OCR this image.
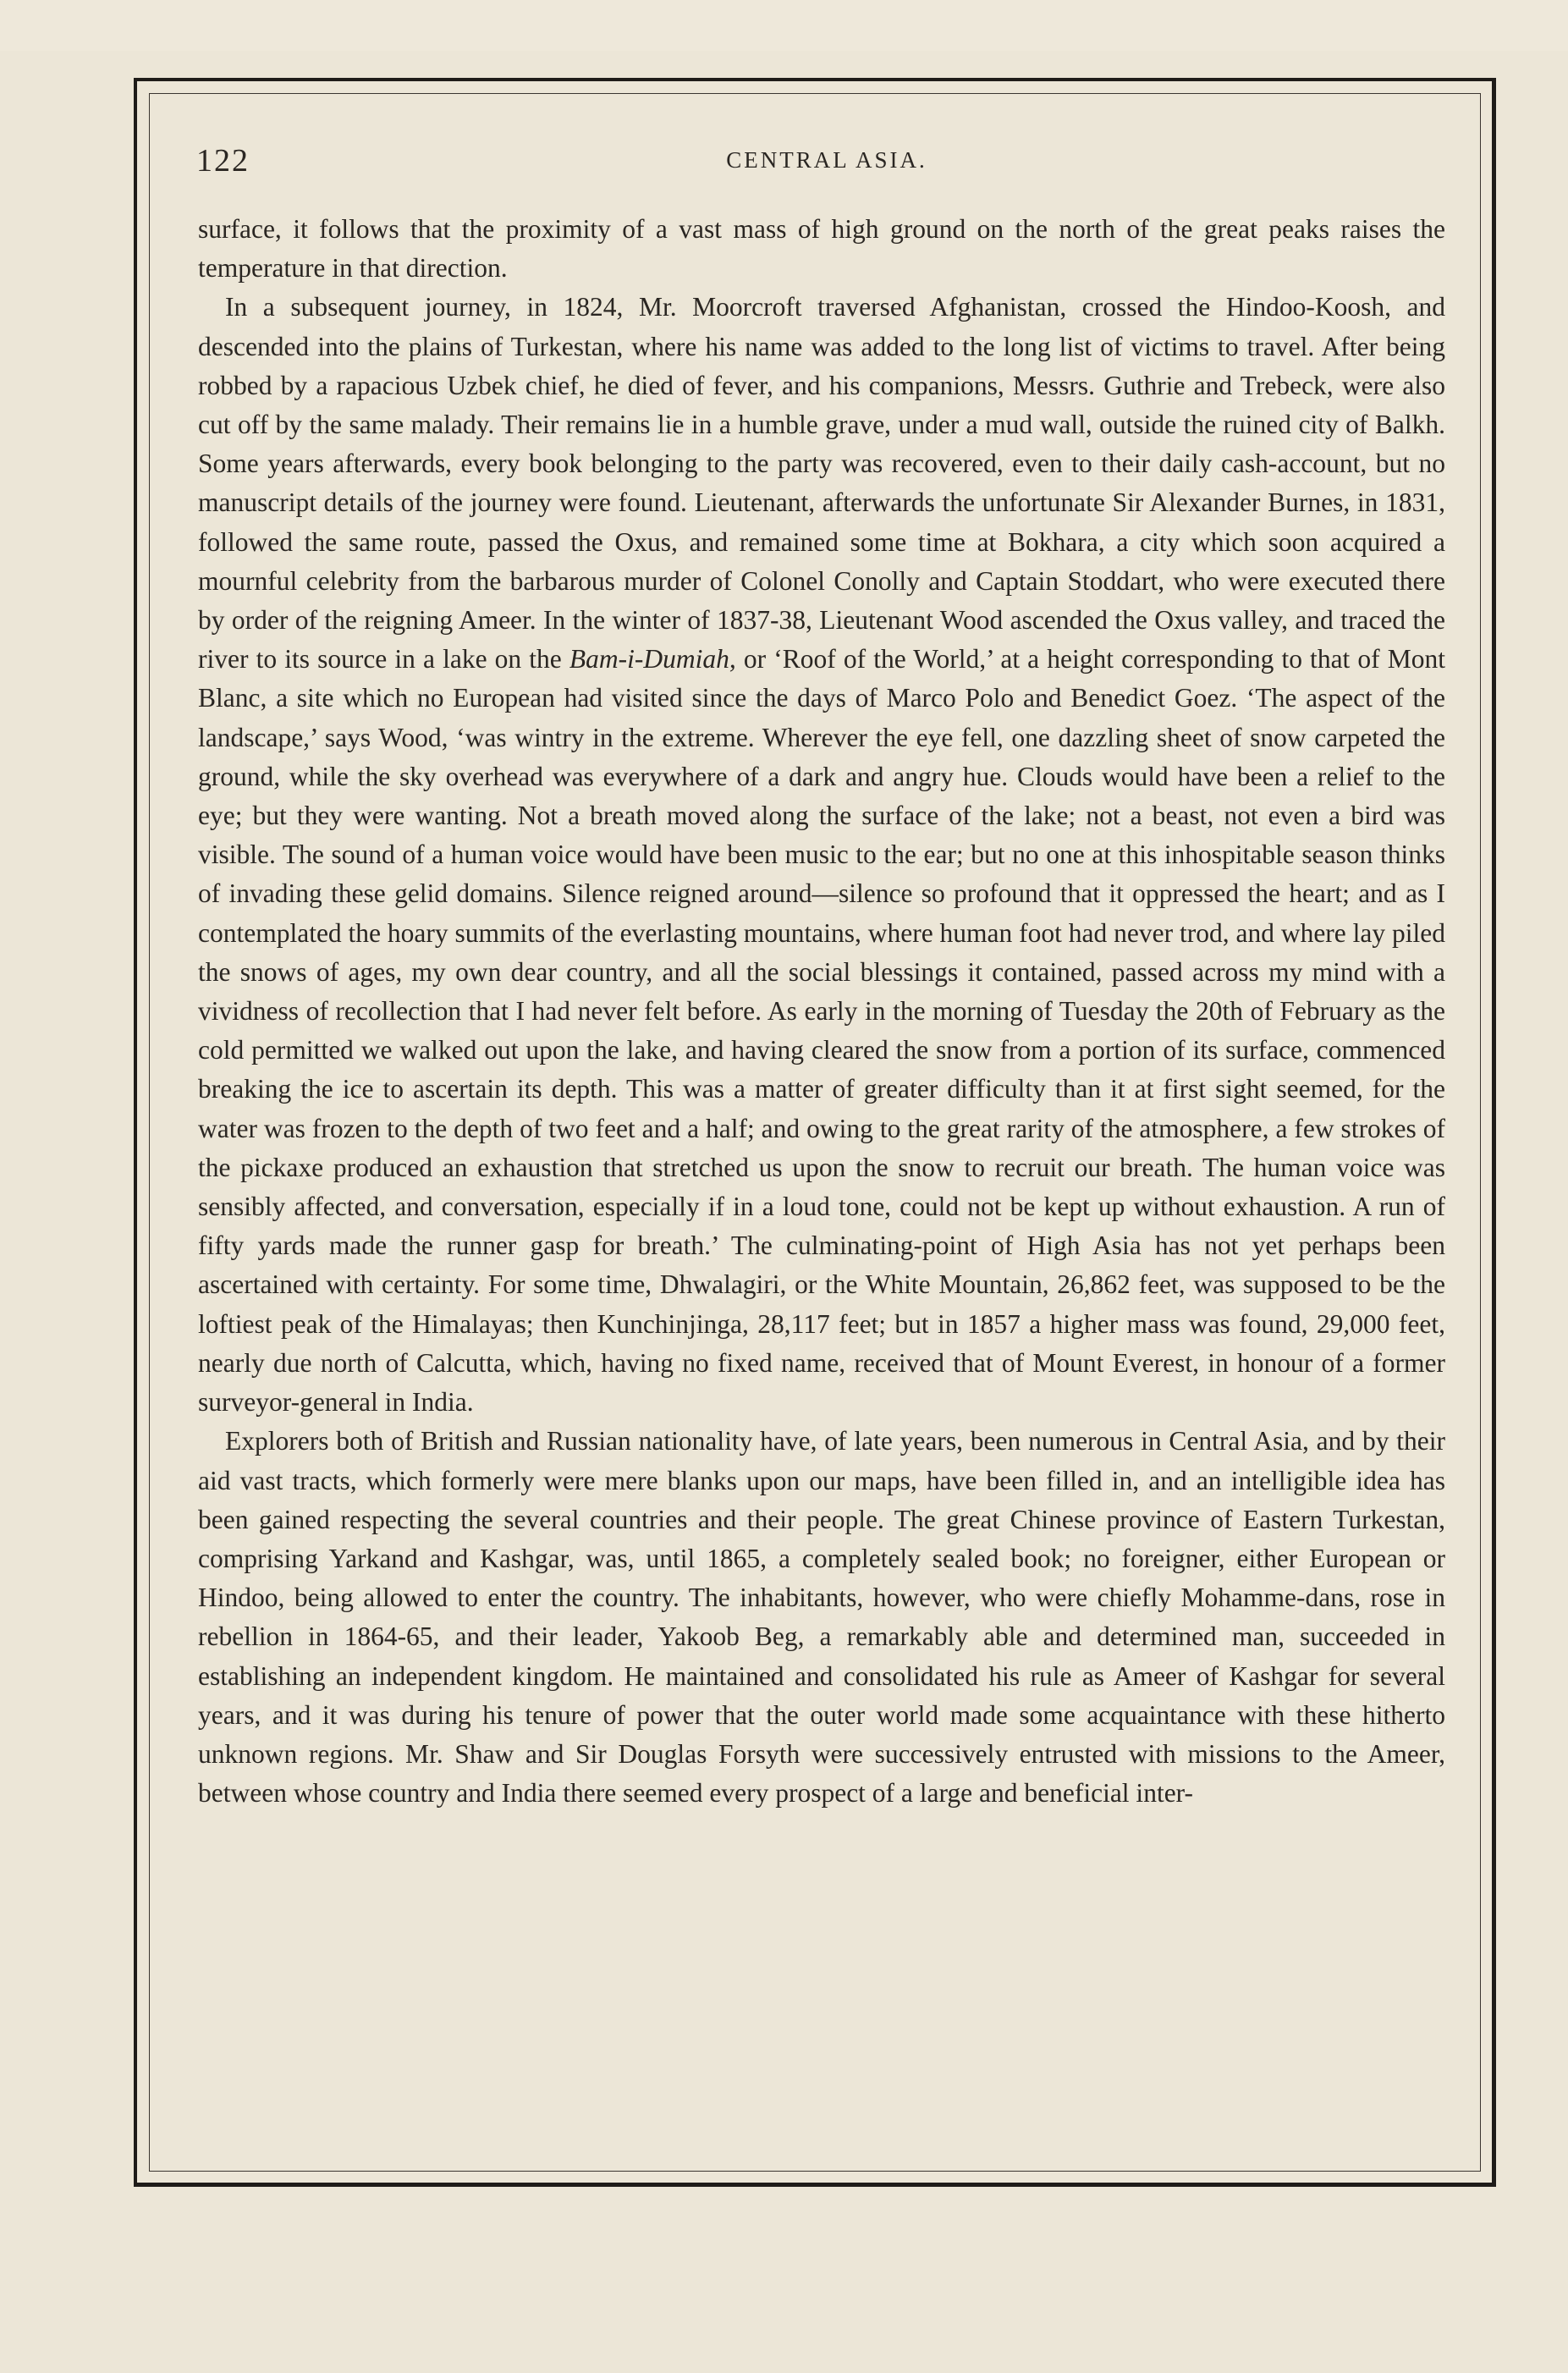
122	CENTRAL ASIA.

surface, it follows that the proximity of a vast mass of high ground on the north of the great peaks raises the temperature in that direction.

In a subsequent journey, in 1824, Mr. Moorcroft traversed Afghanistan, crossed the Hindoo-Koosh, and descended into the plains of Turkestan, where his name was added to the long list of victims to travel. After being robbed by a rapacious Uzbek chief, he died of fever, and his companions, Messrs. Guthrie and Trebeck, were also cut off by the same malady. Their remains lie in a humble grave, under a mud wall, outside the ruined city of Balkh. Some years afterwards, every book belonging to the party was recovered, even to their daily cash-account, but no manuscript details of the journey were found. Lieutenant, afterwards the unfortunate Sir Alexander Burnes, in 1831, followed the same route, passed the Oxus, and remained some time at Bokhara, a city which soon acquired a mournful celebrity from the barbarous murder of Colonel Conolly and Captain Stoddart, who were executed there by order of the reigning Ameer. In the winter of 1837-38, Lieutenant Wood ascended the Oxus valley, and traced the river to its source in a lake on the Bam-i-Dumiah, or ‘Roof of the World,’ at a height corresponding to that of Mont Blanc, a site which no European had visited since the days of Marco Polo and Benedict Goez. ‘The aspect of the landscape,’ says Wood, ‘was wintry in the extreme. Wherever the eye fell, one dazzling sheet of snow carpeted the ground, while the sky overhead was everywhere of a dark and angry hue. Clouds would have been a relief to the eye; but they were wanting. Not a breath moved along the surface of the lake; not a beast, not even a bird was visible. The sound of a human voice would have been music to the ear; but no one at this inhospitable season thinks of invading these gelid domains. Silence reigned around—silence so profound that it oppressed the heart; and as I contemplated the hoary summits of the everlasting mountains, where human foot had never trod, and where lay piled the snows of ages, my own dear country, and all the social blessings it contained, passed across my mind with a vividness of recollection that I had never felt before. As early in the morning of Tuesday the 20th of February as the cold permitted we walked out upon the lake, and having cleared the snow from a portion of its surface, commenced breaking the ice to ascertain its depth. This was a matter of greater difficulty than it at first sight seemed, for the water was frozen to the depth of two feet and a half; and owing to the great rarity of the atmosphere, a few strokes of the pickaxe produced an exhaustion that stretched us upon the snow to recruit our breath. The human voice was sensibly affected, and conversation, especially if in a loud tone, could not be kept up without exhaustion. A run of fifty yards made the runner gasp for breath.’ The culminating-point of High Asia has not yet perhaps been ascertained with certainty. For some time, Dhwalagiri, or the White Mountain, 26,862 feet, was supposed to be the loftiest peak of the Himalayas; then Kunchinjinga, 28,117 feet; but in 1857 a higher mass was found, 29,000 feet, nearly due north of Calcutta, which, having no fixed name, received that of Mount Everest, in honour of a former surveyor-general in India.

Explorers both of British and Russian nationality have, of late years, been numerous in Central Asia, and by their aid vast tracts, which formerly were mere blanks upon our maps, have been filled in, and an intelligible idea has been gained respecting the several countries and their people. The great Chinese province of Eastern Turkestan, comprising Yarkand and Kashgar, was, until 1865, a completely sealed book; no foreigner, either European or Hindoo, being allowed to enter the country. The inhabitants, however, who were chiefly Mohamme-dans, rose in rebellion in 1864-65, and their leader, Yakoob Beg, a remarkably able and determined man, succeeded in establishing an independent kingdom. He maintained and consolidated his rule as Ameer of Kashgar for several years, and it was during his tenure of power that the outer world made some acquaintance with these hitherto unknown regions. Mr. Shaw and Sir Douglas Forsyth were successively entrusted with missions to the Ameer, between whose country and India there seemed every prospect of a large and beneficial inter-
